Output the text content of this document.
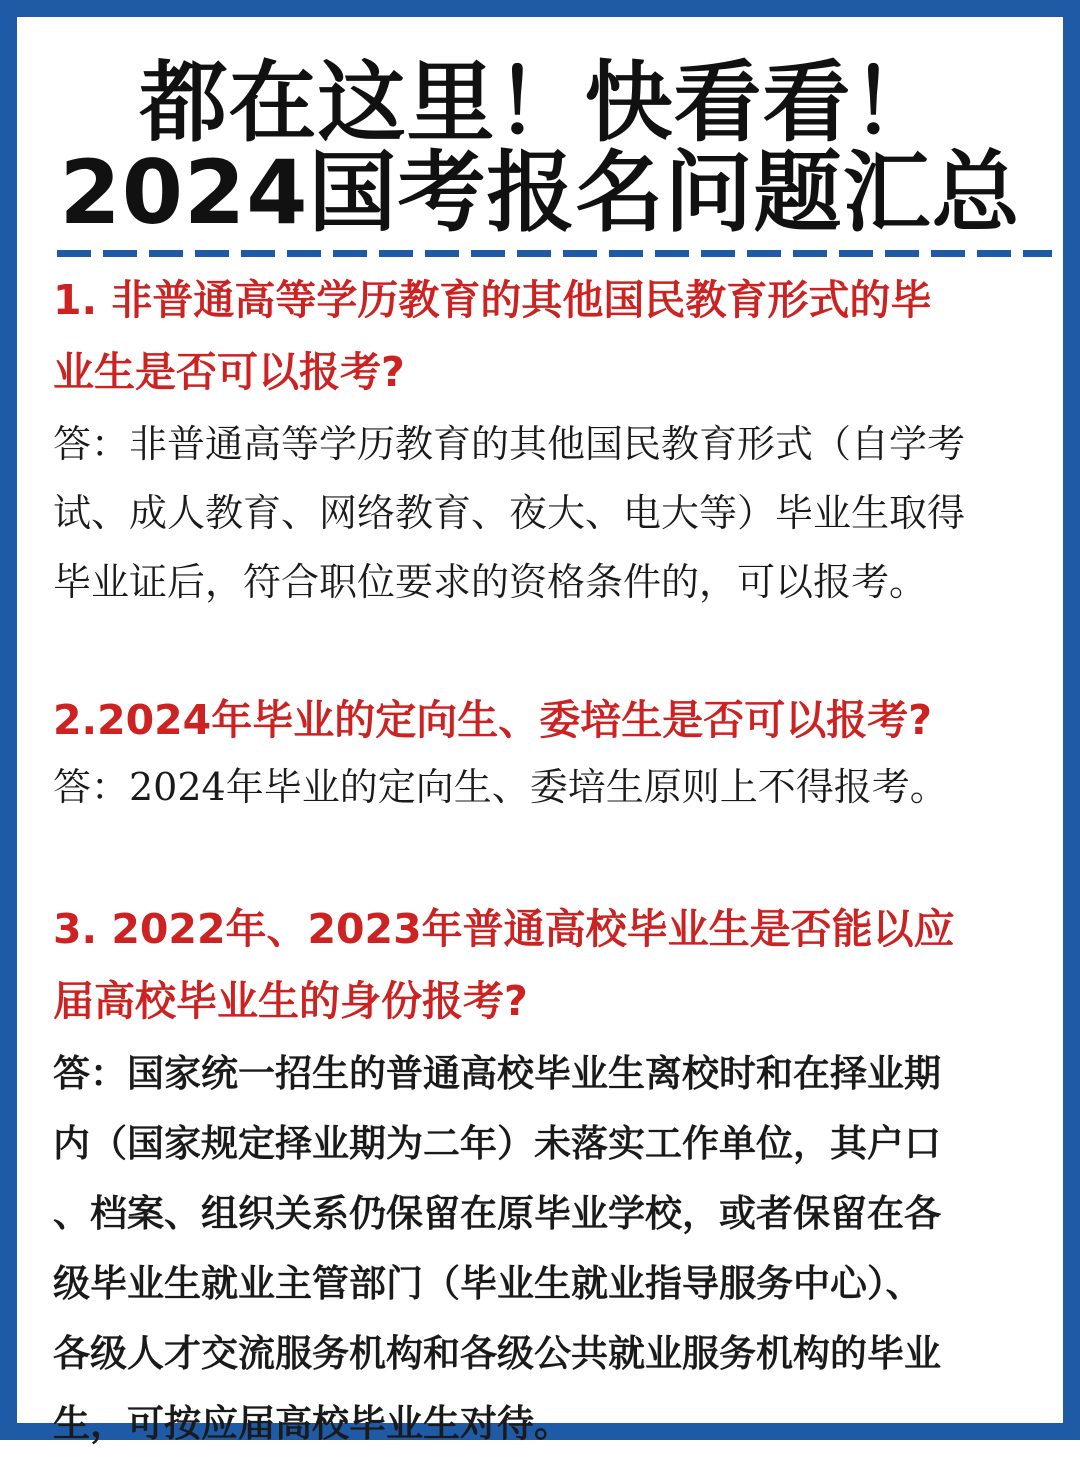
都在这里！快看看！
2024国考报名问题汇总
1. 非普通高等学历教育的其他国民教育形式的毕
业生是否可以报考?
答：非普通高等学历教育的其他国民教育形式（自学考
试、成人教育、网络教育、夜大、电大等）毕业生取得
毕业证后，符合职位要求的资格条件的，可以报考。
2.2024年毕业的定向生、委培生是否可以报考?
答：2024年毕业的定向生、委培生原则上不得报考。
3. 2022年、2023年普通高校毕业生是否能以应
届高校毕业生的身份报考?
答：国家统一招生的普通高校毕业生离校时和在择业期
内（国家规定择业期为二年）未落实工作单位，其户口
、档案、组织关系仍保留在原毕业学校，或者保留在各
级毕业生就业主管部门（毕业生就业指导服务中心）、
各级人才交流服务机构和各级公共就业服务机构的毕业
生，可按应届高校毕业生对待。
